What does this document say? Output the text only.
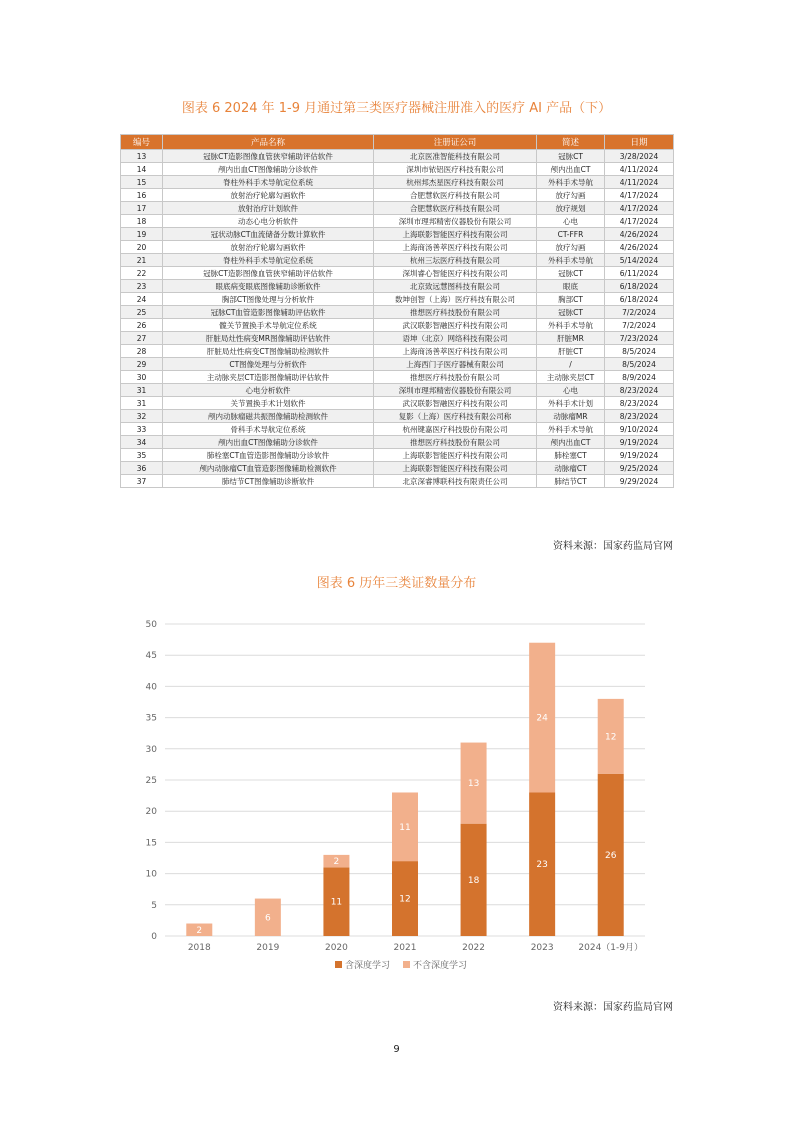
图表 6 2024 年 1-9 月通过第三类医疗器械注册准入的医疗 AI 产品（下）
编号	产品名称	注册证公司	简述	日期
13	冠脉CT造影图像血管狭窄辅助评估软件	北京医准智能科技有限公司	冠脉CT	3/28/2024
14	颅内出血CT图像辅助分诊软件	深圳市铱铝医疗科技有限公司	颅内出血CT	4/11/2024
15	脊柱外科手术导航定位系统	杭州邦杰星医疗科技有限公司	外科手术导航	4/11/2024
16	放射治疗轮廓勾画软件	合肥慧软医疗科技有限公司	放疗勾画	4/17/2024
17	放射治疗计划软件	合肥慧软医疗科技有限公司	放疗规划	4/17/2024
18	动态心电分析软件	深圳市理邦精密仪器股份有限公司	心电	4/17/2024
19	冠状动脉CT血流储备分数计算软件	上海联影智能医疗科技有限公司	CT-FFR	4/26/2024
20	放射治疗轮廓勾画软件	上海商汤善萃医疗科技有限公司	放疗勾画	4/26/2024
21	脊柱外科手术导航定位系统	杭州三坛医疗科技有限公司	外科手术导航	5/14/2024
22	冠脉CT造影图像血管狭窄辅助评估软件	深圳睿心智能医疗科技有限公司	冠脉CT	6/11/2024
23	眼底病变眼底图像辅助诊断软件	北京致远慧图科技有限公司	眼底	6/18/2024
24	胸部CT图像处理与分析软件	数坤创智（上海）医疗科技有限公司	胸部CT	6/18/2024
25	冠脉CT血管造影图像辅助评估软件	推想医疗科技股份有限公司	冠脉CT	7/2/2024
26	髋关节置换手术导航定位系统	武汉联影智融医疗科技有限公司	外科手术导航	7/2/2024
27	肝脏局灶性病变MR图像辅助评估软件	语坤（北京）网络科技有限公司	肝脏MR	7/23/2024
28	肝脏局灶性病变CT图像辅助检测软件	上海商汤善萃医疗科技有限公司	肝脏CT	8/5/2024
29	CT图像处理与分析软件	上海西门子医疗器械有限公司	/	8/5/2024
30	主动脉夹层CT造影图像辅助评估软件	推想医疗科技股份有限公司	主动脉夹层CT	8/9/2024
31	心电分析软件	深圳市理邦精密仪器股份有限公司	心电	8/23/2024
31	关节置换手术计划软件	武汉联影智融医疗科技有限公司	外科手术计划	8/23/2024
32	颅内动脉瘤磁共振图像辅助检测软件	复影（上海）医疗科技有限公司称	动脉瘤MR	8/23/2024
33	骨科手术导航定位系统	杭州键嘉医疗科技股份有限公司	外科手术导航	9/10/2024
34	颅内出血CT图像辅助分诊软件	推想医疗科技股份有限公司	颅内出血CT	9/19/2024
35	肺栓塞CT血管造影图像辅助分诊软件	上海联影智能医疗科技有限公司	肺栓塞CT	9/19/2024
36	颅内动脉瘤CT血管造影图像辅助检测软件	上海联影智能医疗科技有限公司	动脉瘤CT	9/25/2024
37	肺结节CT图像辅助诊断软件	北京深睿博联科技有限责任公司	肺结节CT	9/29/2024
资料来源：国家药监局官网
图表 6 历年三类证数量分布
0
5
10
15
20
25
30
35
40
45
50
2
2018
6
2019
11
2
2020
12
11
2021
18
13
2022
23
24
2023
26
12
2024（1-9月）
含深度学习	不含深度学习
资料来源：国家药监局官网
9
